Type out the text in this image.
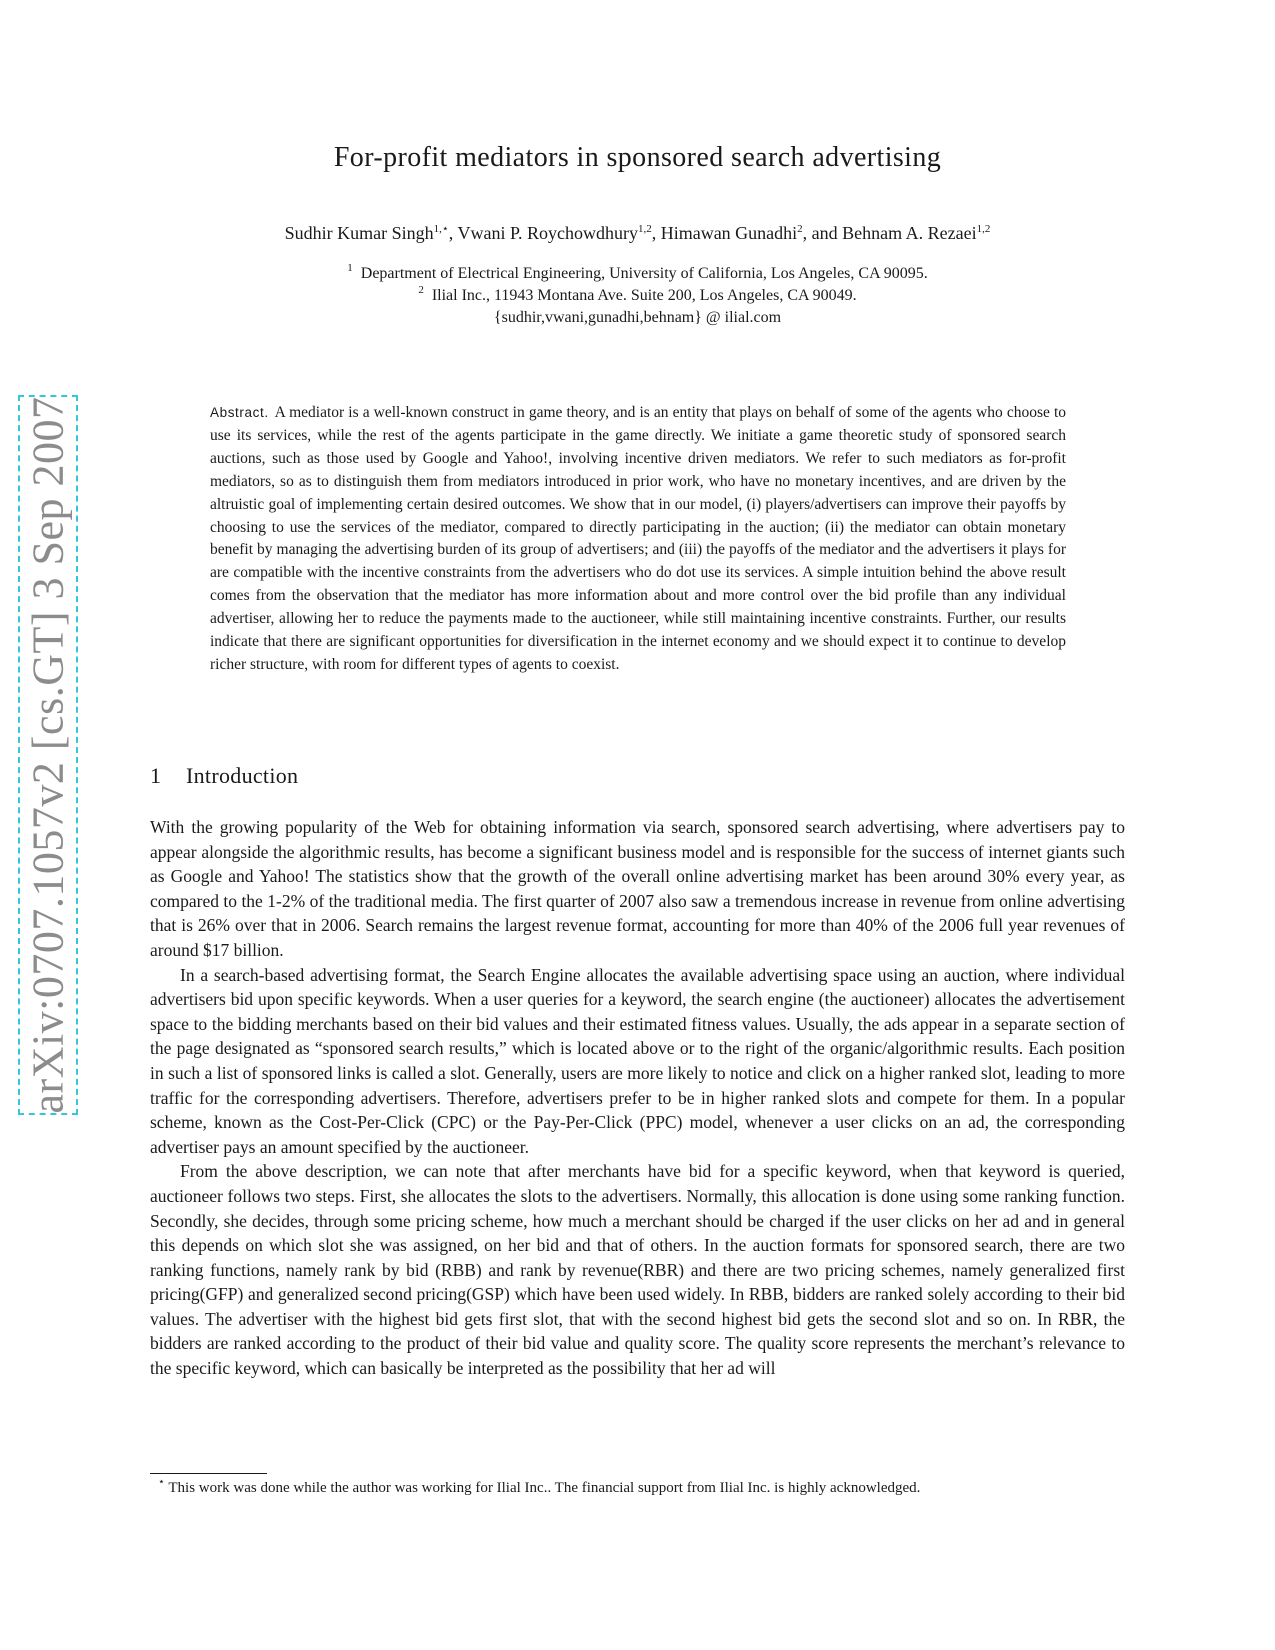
arXiv:0707.1057v2 [cs.GT] 3 Sep 2007
For-profit mediators in sponsored search advertising
Sudhir Kumar Singh$^{1,⋆}$, Vwani P. Roychowdhury$^{1,2}$, Himawan Gunadhi$^2$, and Behnam A. Rezaei$^{1,2}$
$^1$ Department of Electrical Engineering, University of California, Los Angeles, CA 90095.
$^2$ Ilial Inc., 11943 Montana Ave. Suite 200, Los Angeles, CA 90049.
{sudhir,vwani,gunadhi,behnam} @ ilial.com
Abstract. A mediator is a well-known construct in game theory, and is an entity that plays on behalf of some of the agents who choose to use its services, while the rest of the agents participate in the game directly. We initiate a game theoretic study of sponsored search auctions, such as those used by Google and Yahoo!, involving incentive driven mediators. We refer to such mediators as for-profit mediators, so as to distinguish them from mediators introduced in prior work, who have no monetary incentives, and are driven by the altruistic goal of implementing certain desired outcomes. We show that in our model, (i) players/advertisers can improve their payoffs by choosing to use the services of the mediator, compared to directly participating in the auction; (ii) the mediator can obtain monetary benefit by managing the advertising burden of its group of advertisers; and (iii) the payoffs of the mediator and the advertisers it plays for are compatible with the incentive constraints from the advertisers who do dot use its services. A simple intuition behind the above result comes from the observation that the mediator has more information about and more control over the bid profile than any individual advertiser, allowing her to reduce the payments made to the auctioneer, while still maintaining incentive constraints. Further, our results indicate that there are significant opportunities for diversification in the internet economy and we should expect it to continue to develop richer structure, with room for different types of agents to coexist.
1 Introduction

With the growing popularity of the Web for obtaining information via search, sponsored search advertising, where advertisers pay to appear alongside the algorithmic results, has become a significant business model and is responsible for the success of internet giants such as Google and Yahoo! The statistics show that the growth of the overall online advertising market has been around 30% every year, as compared to the 1-2% of the traditional media. The first quarter of 2007 also saw a tremendous increase in revenue from online advertising that is 26% over that in 2006. Search remains the largest revenue format, accounting for more than 40% of the 2006 full year revenues of around $17 billion.

In a search-based advertising format, the Search Engine allocates the available advertising space using an auction, where individual advertisers bid upon specific keywords. When a user queries for a keyword, the search engine (the auctioneer) allocates the advertisement space to the bidding merchants based on their bid values and their estimated fitness values. Usually, the ads appear in a separate section of the page designated as “sponsored search results,” which is located above or to the right of the organic/algorithmic results. Each position in such a list of sponsored links is called a slot. Generally, users are more likely to notice and click on a higher ranked slot, leading to more traffic for the corresponding advertisers. Therefore, advertisers prefer to be in higher ranked slots and compete for them. In a popular scheme, known as the Cost-Per-Click (CPC) or the Pay-Per-Click (PPC) model, whenever a user clicks on an ad, the corresponding advertiser pays an amount specified by the auctioneer.

From the above description, we can note that after merchants have bid for a specific keyword, when that keyword is queried, auctioneer follows two steps. First, she allocates the slots to the advertisers. Normally, this allocation is done using some ranking function. Secondly, she decides, through some pricing scheme, how much a merchant should be charged if the user clicks on her ad and in general this depends on which slot she was assigned, on her bid and that of others. In the auction formats for sponsored search, there are two ranking functions, namely rank by bid (RBB) and rank by revenue(RBR) and there are two pricing schemes, namely generalized first pricing(GFP) and generalized second pricing(GSP) which have been used widely. In RBB, bidders are ranked solely according to their bid values. The advertiser with the highest bid gets first slot, that with the second highest bid gets the second slot and so on. In RBR, the bidders are ranked according to the product of their bid value and quality score. The quality score represents the merchant’s relevance to the specific keyword, which can basically be interpreted as the possibility that her ad will

⋆ This work was done while the author was working for Ilial Inc.. The financial support from Ilial Inc. is highly acknowledged.
